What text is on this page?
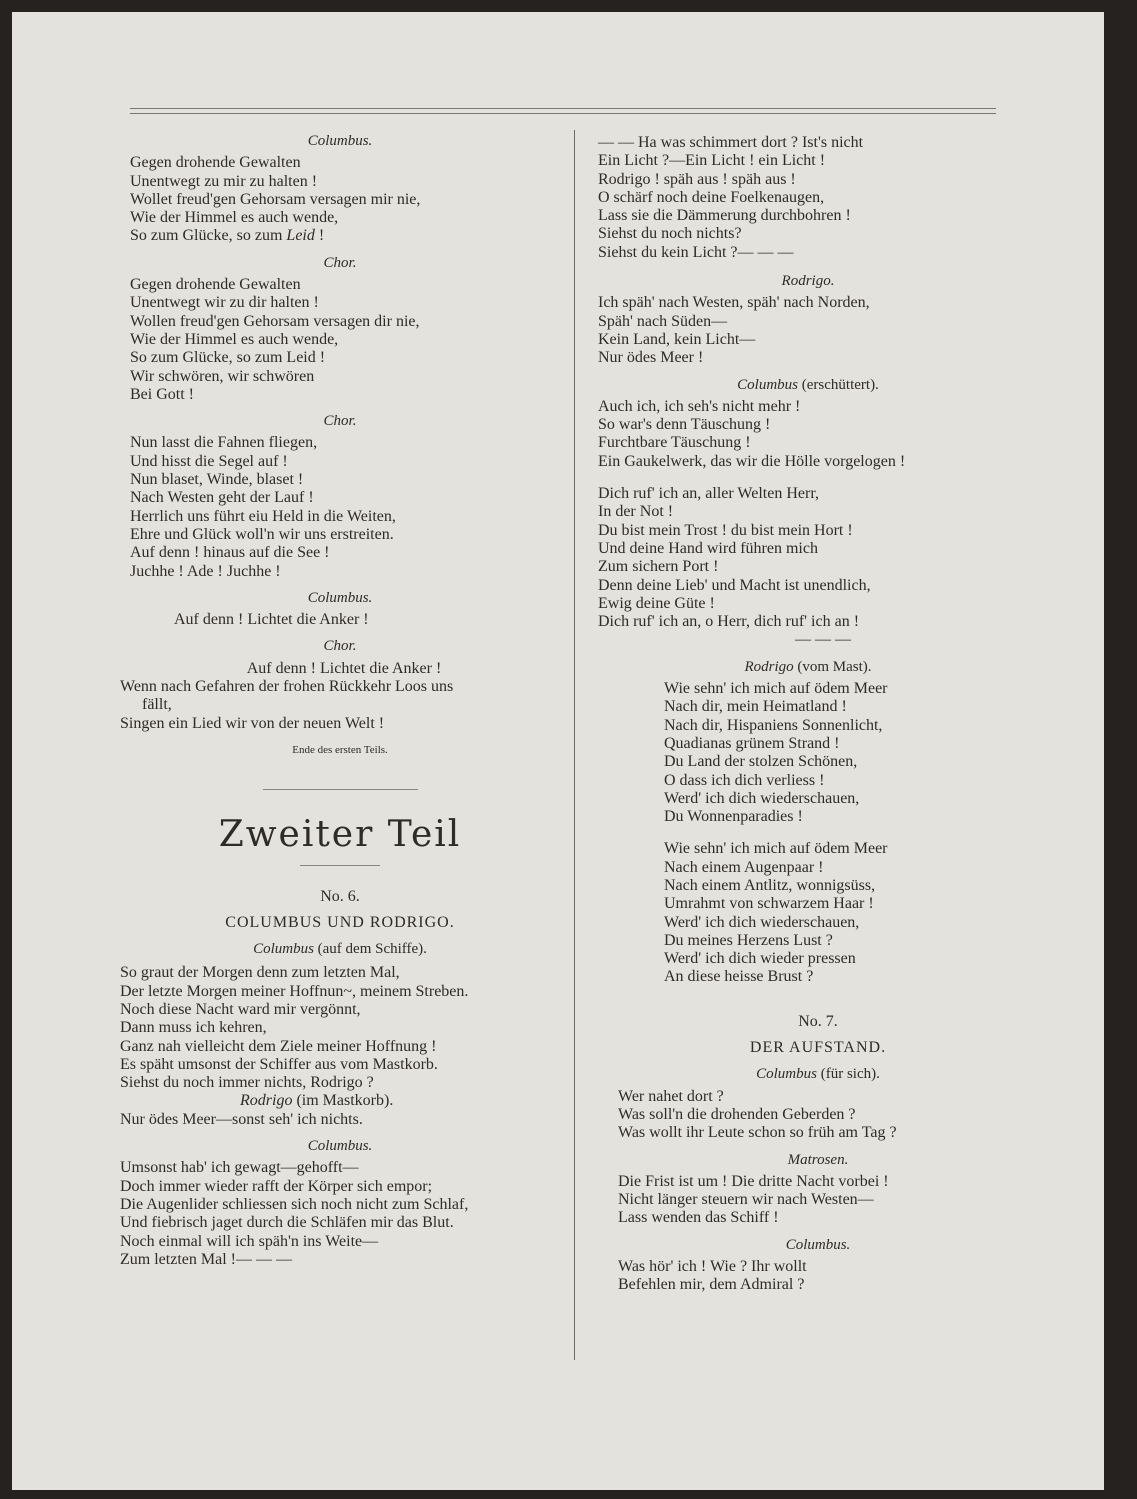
Columbus.

Gegen drohende Gewalten

Unentwegt zu mir zu halten !

Wollet freud'gen Gehorsam versagen mir nie,

Wie der Himmel es auch wende,

So zum Glücke, so zum Leid !

Chor.

Gegen drohende Gewalten

Unentwegt wir zu dir halten !

Wollen freud'gen Gehorsam versagen dir nie,

Wie der Himmel es auch wende,

So zum Glücke, so zum Leid !

Wir schwören, wir schwören

Bei Gott !

Chor.

Nun lasst die Fahnen fliegen,

Und hisst die Segel auf !

Nun blaset, Winde, blaset !

Nach Westen geht der Lauf !

Herrlich uns führt eiu Held in die Weiten,

Ehre und Glück woll'n wir uns erstreiten.

Auf denn ! hinaus auf die See !

Juchhe ! Ade ! Juchhe !

Columbus.

Auf denn ! Lichtet die Anker !

Chor.

Auf denn ! Lichtet die Anker !

Wenn nach Gefahren der frohen Rückkehr Loos uns

fällt,

Singen ein Lied wir von der neuen Welt !

Ende des ersten Teils.

Zweiter Teil

No. 6.

COLUMBUS UND RODRIGO.

Columbus (auf dem Schiffe).

So graut der Morgen denn zum letzten Mal,

Der letzte Morgen meiner Hoffnun~, meinem Streben.

Noch diese Nacht ward mir vergönnt,

Dann muss ich kehren,

Ganz nah vielleicht dem Ziele meiner Hoffnung !

Es späht umsonst der Schiffer aus vom Mastkorb.

Siehst du noch immer nichts, Rodrigo ?

Rodrigo (im Mastkorb).

Nur ödes Meer—sonst seh' ich nichts.

Columbus.

Umsonst hab' ich gewagt—gehofft—

Doch immer wieder rafft der Körper sich empor;

Die Augenlider schliessen sich noch nicht zum Schlaf,

Und fiebrisch jaget durch die Schläfen mir das Blut.

Noch einmal will ich späh'n ins Weite—

Zum letzten Mal !— — —

— — Ha was schimmert dort ? Ist's nicht

Ein Licht ?—Ein Licht ! ein Licht !

Rodrigo ! späh aus ! späh aus !

O schärf noch deine Foelkenaugen,

Lass sie die Dämmerung durchbohren !

Siehst du noch nichts?

Siehst du kein Licht ?— — —

Rodrigo.

Ich späh' nach Westen, späh' nach Norden,

Späh' nach Süden—

Kein Land, kein Licht—

Nur ödes Meer !

Columbus (erschüttert).

Auch ich, ich seh's nicht mehr !

So war's denn Täuschung !

Furchtbare Täuschung !

Ein Gaukelwerk, das wir die Hölle vorgelogen !

Dich ruf' ich an, aller Welten Herr,

In der Not !

Du bist mein Trost ! du bist mein Hort !

Und deine Hand wird führen mich

Zum sichern Port !

Denn deine Lieb' und Macht ist unendlich,

Ewig deine Güte !

Dich ruf' ich an, o Herr, dich ruf' ich an !

— — —

Rodrigo (vom Mast).

Wie sehn' ich mich auf ödem Meer

Nach dir, mein Heimatland !

Nach dir, Hispaniens Sonnenlicht,

Quadianas grünem Strand !

Du Land der stolzen Schönen,

O dass ich dich verliess !

Werd' ich dich wiederschauen,

Du Wonnenparadies !

Wie sehn' ich mich auf ödem Meer

Nach einem Augenpaar !

Nach einem Antlitz, wonnigsüss,

Umrahmt von schwarzem Haar !

Werd' ich dich wiederschauen,

Du meines Herzens Lust ?

Werd' ich dich wieder pressen

An diese heisse Brust ?

No. 7.

DER AUFSTAND.

Columbus (für sich).

Wer nahet dort ?

Was soll'n die drohenden Geberden ?

Was wollt ihr Leute schon so früh am Tag ?

Matrosen.

Die Frist ist um ! Die dritte Nacht vorbei !

Nicht länger steuern wir nach Westen—

Lass wenden das Schiff !

Columbus.

Was hör' ich ! Wie ? Ihr wollt

Befehlen mir, dem Admiral ?
